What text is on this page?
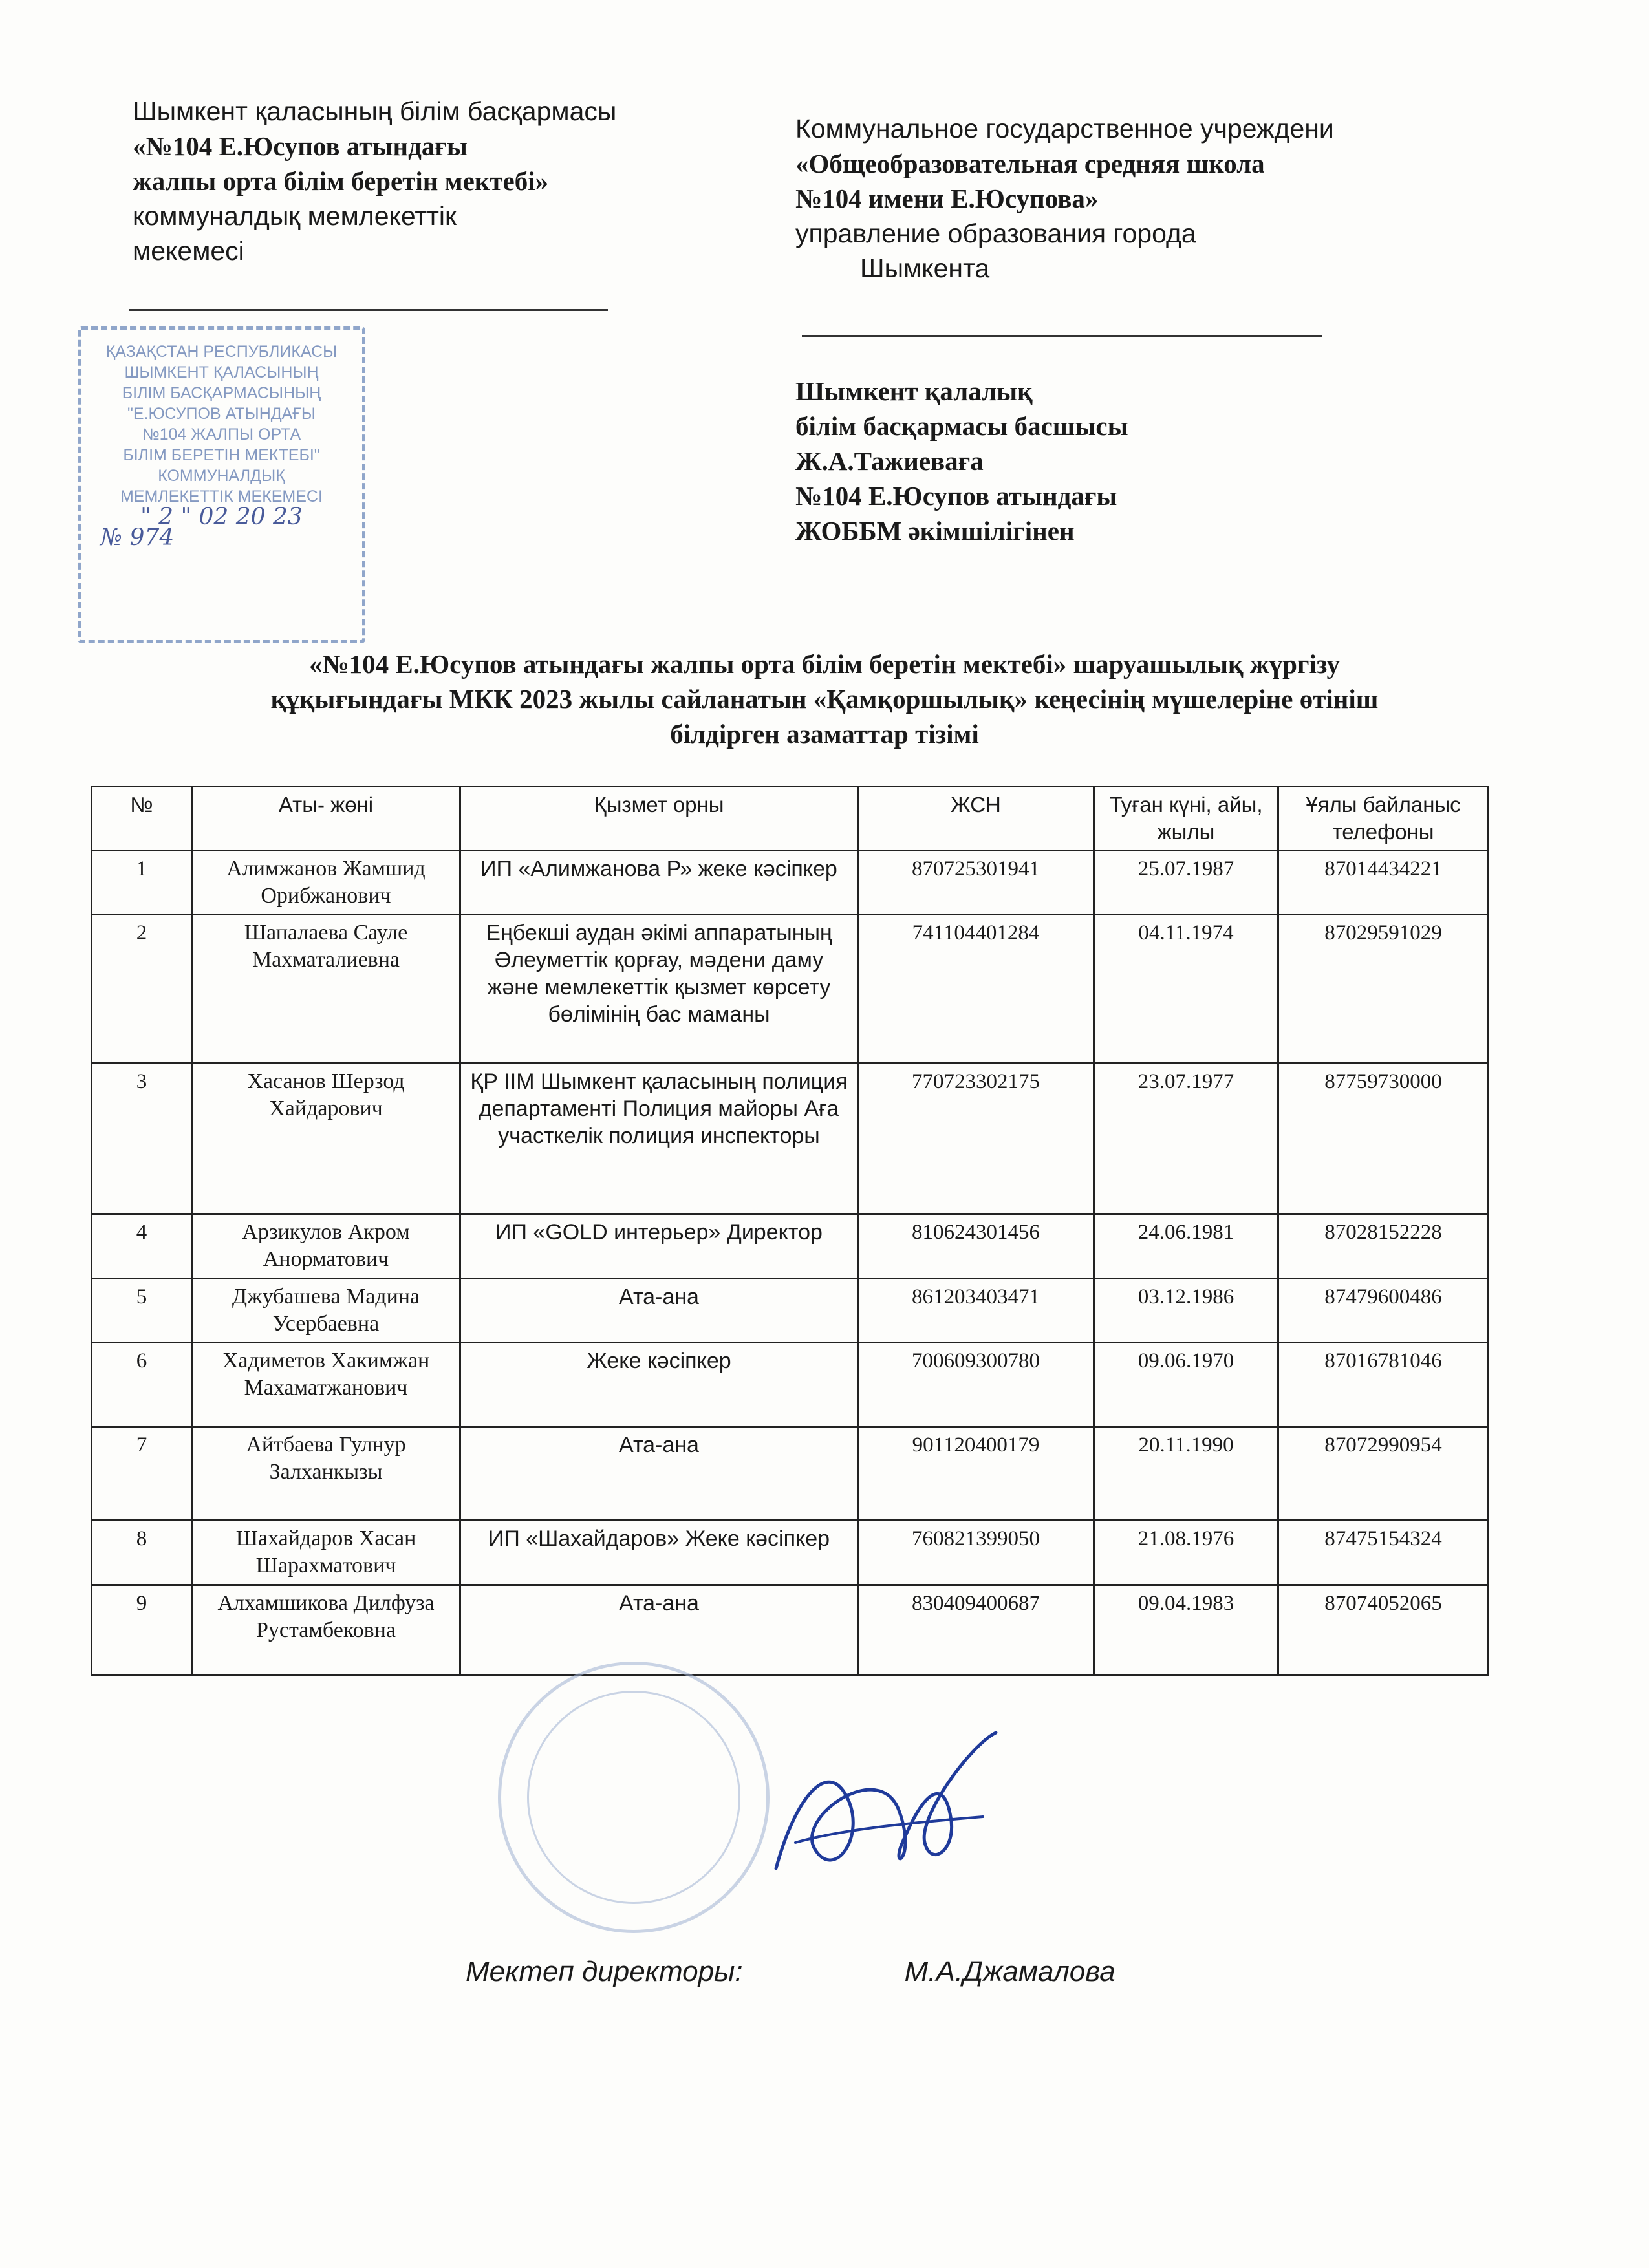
Шымкент қаласының білім басқармасы
«№104 Е.Юсупов атындағы
жалпы орта білім беретін мектебі»
коммуналдық мемлекеттік
мекемесі
Коммунальное государственное учреждени
«Общеобразовательная средняя школа
№104 имени Е.Юсупова»
управление образования города
Шымкента
Шымкент қалалық
білім басқармасы басшысы
Ж.А.Тажиеваға
№104 Е.Юсупов атындағы
ЖОББМ әкімшілігінен
ҚАЗАҚСТАН РЕСПУБЛИКАСЫ
ШЫМКЕНТ ҚАЛАСЫНЫҢ
БІЛІМ БАСҚАРМАСЫНЫҢ
"Е.ЮСУПОВ АТЫНДАҒЫ
№104 ЖАЛПЫ ОРТА
БІЛІМ БЕРЕТІН МЕКТЕБІ"
КОММУНАЛДЫҚ
МЕМЛЕКЕТТІК МЕКЕМЕСІ
" 2 " 02 20 23
№ 974
«№104 Е.Юсупов атындағы жалпы орта білім беретін мектебі» шаруашылық жүргізу
құқығындағы МКК 2023 жылы сайланатын «Қамқоршылық» кеңесінің мүшелеріне өтініш
білдірген азаматтар тізімі
№	Аты- жөні	Қызмет орны	ЖСН	Туған күні, айы, жылы	Ұялы байланыс телефоны
1	Алимжанов Жамшид Орибжанович	ИП «Алимжанова Р» жеке кәсіпкер	870725301941	25.07.1987	87014434221
2	Шапалаева Сауле Махматалиевна	Еңбекші аудан әкімі аппаратының Әлеуметтік қорғау, мәдени даму және мемлекеттік қызмет көрсету бөлімінің бас маманы	741104401284	04.11.1974	87029591029
3	Хасанов Шерзод Хайдарович	ҚР ІІМ Шымкент қаласының полиция департаменті Полиция майоры Аға участкелік полиция инспекторы	770723302175	23.07.1977	87759730000
4	Арзикулов Акром Анорматович	ИП «GOLD интерьер» Директор	810624301456	24.06.1981	87028152228
5	Джубашева Мадина Усербаевна	Ата-ана	861203403471	03.12.1986	87479600486
6	Хадиметов Хакимжан Махаматжанович	Жеке кәсіпкер	700609300780	09.06.1970	87016781046
7	Айтбаева Гулнур Залханкызы	Ата-ана	901120400179	20.11.1990	87072990954
8	Шахайдаров Хасан Шарахматович	ИП «Шахайдаров» Жеке кәсіпкер	760821399050	21.08.1976	87475154324
9	Алхамшикова Дилфуза Рустамбековна	Ата-ана	830409400687	09.04.1983	87074052065
Мектеп директоры:	М.А.Джамалова
